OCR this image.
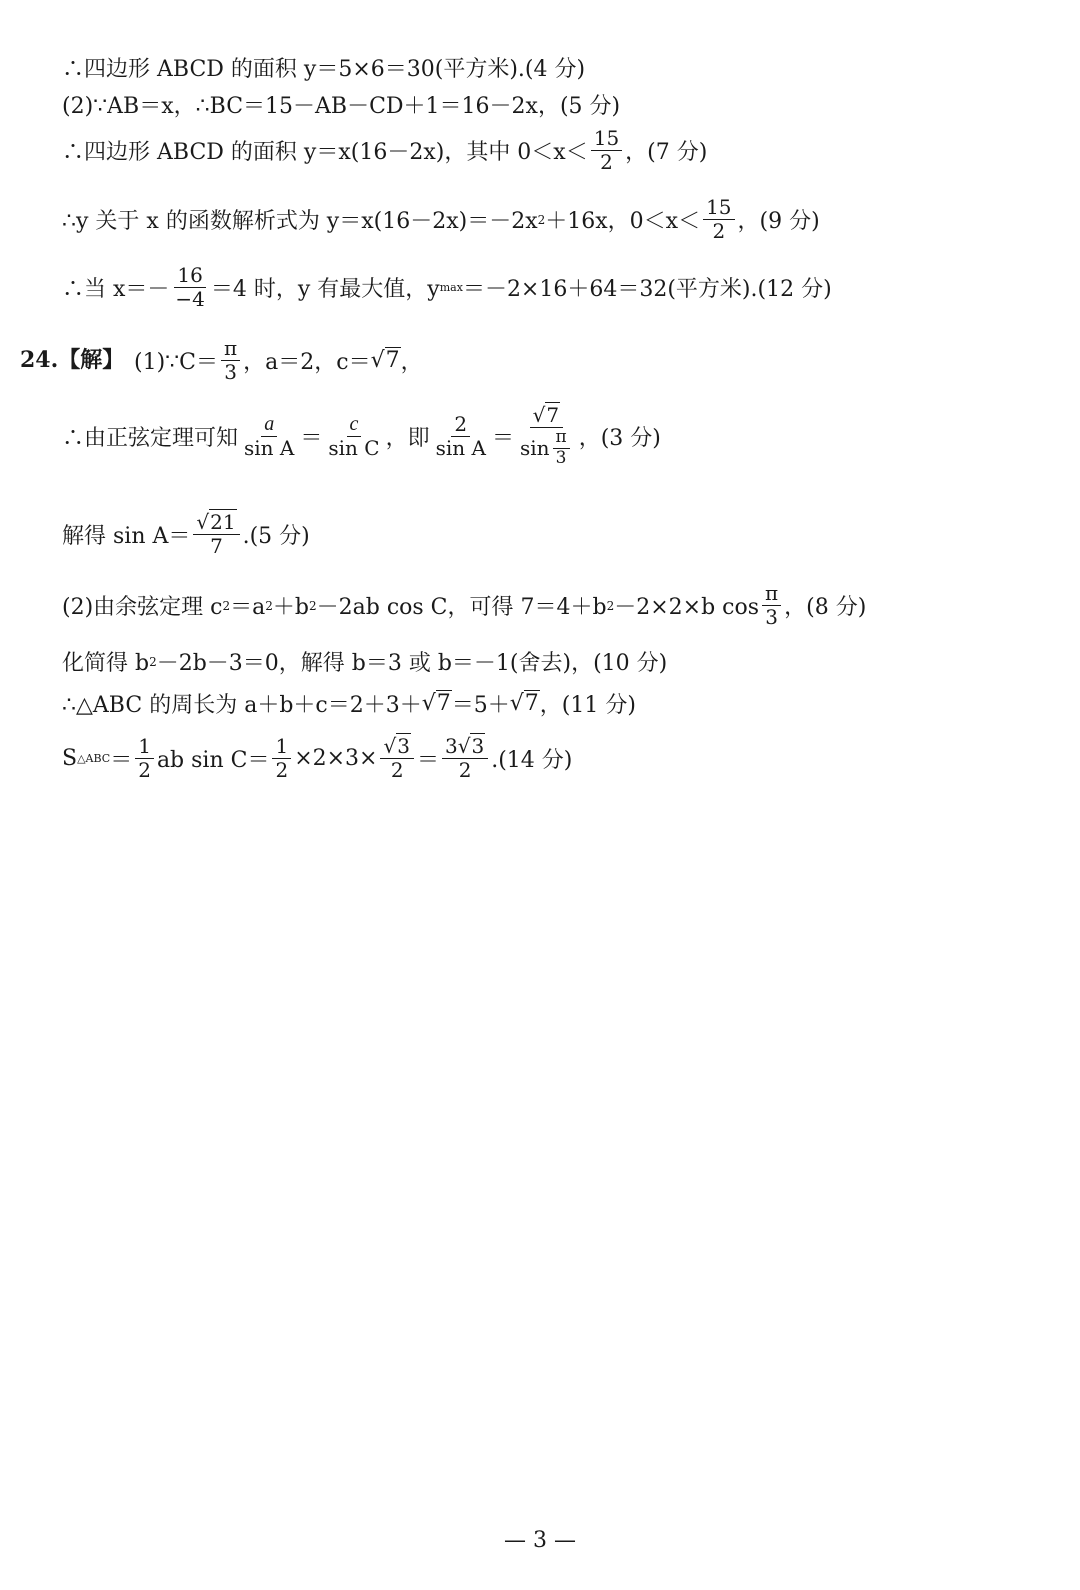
∴四边形 ABCD 的面积 y＝5×6＝30(平方米).(4 分)
(2)∵AB＝x，∴BC＝15－AB－CD＋1＝16－2x，(5 分)
∴四边形 ABCD 的面积 y＝x(16－2x)，其中 $0<x< \frac{15}{2}$ ，(7 分)
∴y 关于 x 的函数解析式为 y＝x(16－2x)＝－2x 2 ＋16x，$0<x< \frac{15}{2}$ ，(9 分)
∴当 $x=- \frac{16}{-4} =4$ 时，y 有最大值，y max ＝－2×16＋64＝32(平方米).(12 分)
24.【解】 (1)∵C＝ $\frac{\pi}{3}$ ，a＝2，c＝ √7 ，
∴由正弦定理可知 $\frac{a}{\text{sin A}} = \frac{c}{\text{sin C}}$ ，即 $\frac{2}{\text{sin A}} = \frac{√7}{\sin \frac{\pi}{3}}$ ，(3 分)
解得 $\sin A= \frac{√21}{7} .(5$ 分)
(2)由余弦定理 c 2 ＝a 2 ＋b 2 －2ab cos C，可得 7＝4＋b 2 －2×2×b $\cos \frac{\pi}{3}$ ，(8 分)
化简得 b 2 －2b－3＝0，解得 b＝3 或 b＝－1(舍去)，(10 分)
∴△ABC 的周长为 a＋b＋c＝2＋3＋ √7 ＝5＋ √7 ，(11 分)
S △ABC ＝ $\frac{1}{2}$ ab $\sin C= \frac{1}{2} \times 2\times 3\times \frac{√3}{2} = \frac{3√3}{2} .(14$ 分)
— 3 —
